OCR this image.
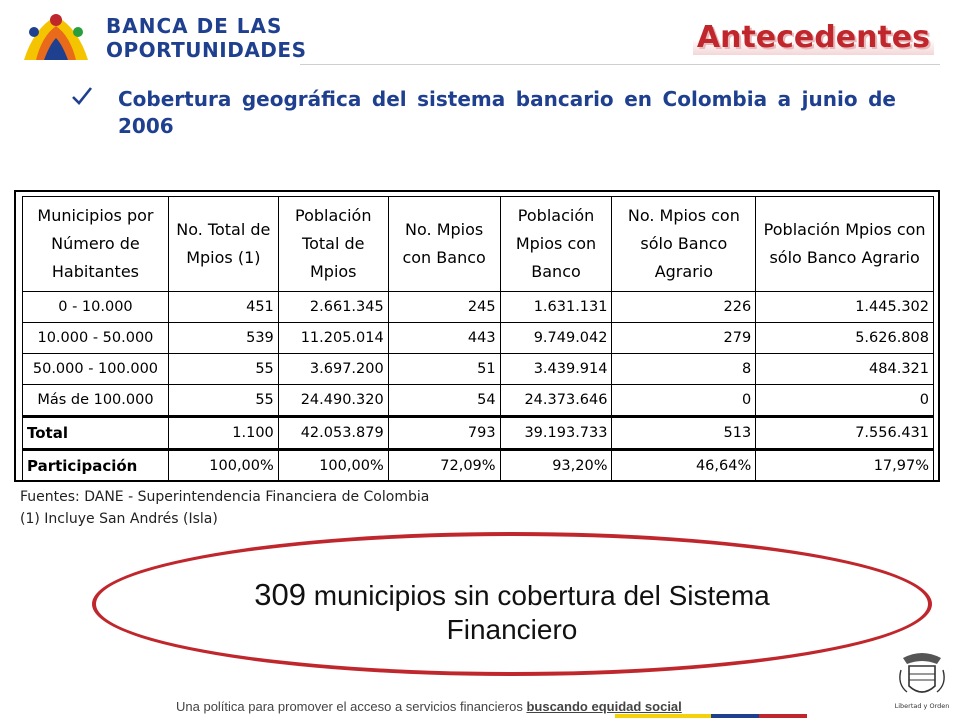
BANCA DE LAS
OPORTUNIDADES	Antecedentes
Cobertura geográfica del sistema bancario en Colombia a junio de 2006
Municipios por Número de Habitantes	No. Total de Mpios (1)	Población Total de Mpios	No. Mpios con Banco	Población Mpios con Banco	No. Mpios con sólo Banco Agrario	Población Mpios con sólo Banco Agrario
0 - 10.000	451	2.661.345	245	1.631.131	226	1.445.302
10.000 - 50.000	539	11.205.014	443	9.749.042	279	5.626.808
50.000 - 100.000	55	3.697.200	51	3.439.914	8	484.321
Más de 100.000	55	24.490.320	54	24.373.646	0	0
Total	1.100	42.053.879	793	39.193.733	513	7.556.431
Participación	100,00%	100,00%	72,09%	93,20%	46,64%	17,97%
Fuentes: DANE - Superintendencia Financiera de Colombia
(1) Incluye San Andrés (Isla)
309 municipios sin cobertura del Sistema
Financiero
Una política para promover el acceso a servicios financieros buscando equidad social	Libertad y Orden
